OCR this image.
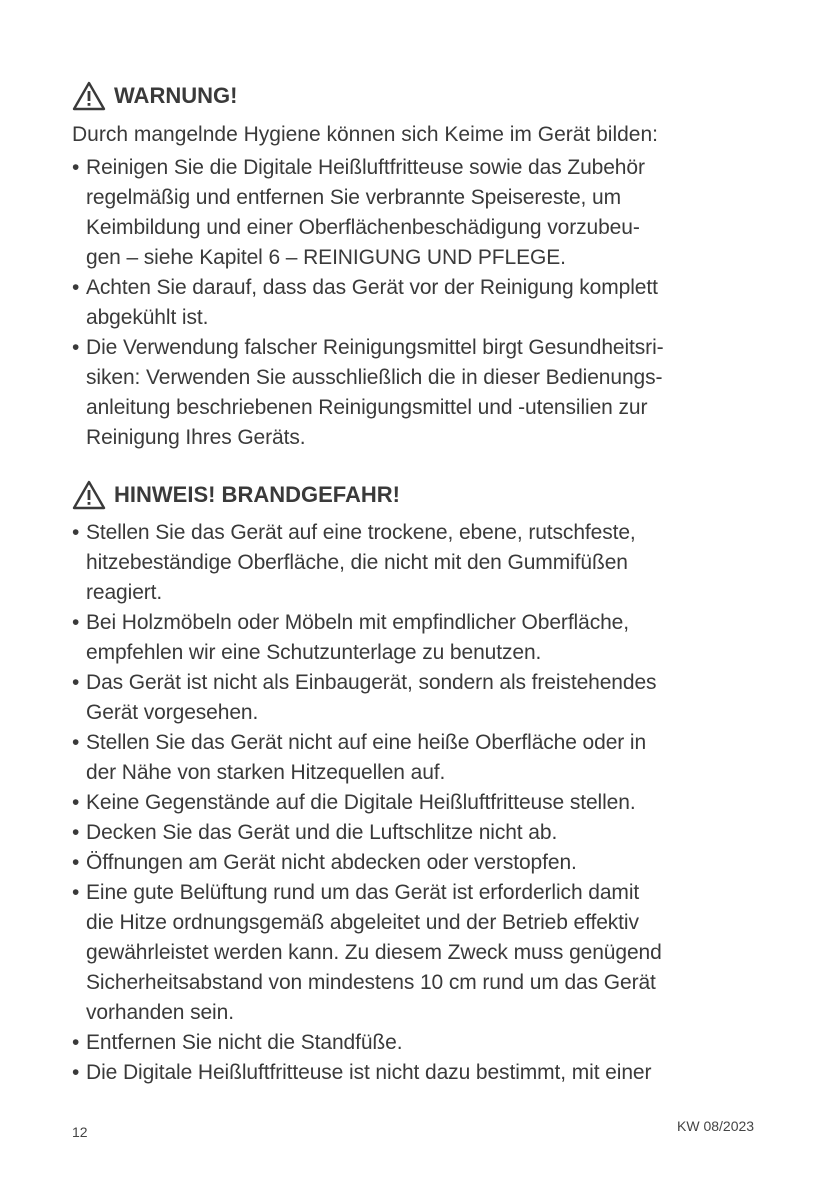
WARNUNG!

Durch mangelnde Hygiene können sich Keime im Gerät bilden:

• Reinigen Sie die Digitale Heißluftfritteuse sowie das Zubehör
regelmäßig und entfernen Sie verbrannte Speisereste, um
Keimbildung und einer Oberflächenbeschädigung vorzubeu-
gen – siehe Kapitel 6 – REINIGUNG UND PFLEGE.
• Achten Sie darauf, dass das Gerät vor der Reinigung komplett
abgekühlt ist.
• Die Verwendung falscher Reinigungsmittel birgt Gesundheitsri-
siken: Verwenden Sie ausschließlich die in dieser Bedienungs-
anleitung beschriebenen Reinigungsmittel und -utensilien zur
Reinigung Ihres Geräts.
HINWEIS! BRANDGEFAHR!
• Stellen Sie das Gerät auf eine trockene, ebene, rutschfeste,
hitzebeständige Oberfläche, die nicht mit den Gummifüßen
reagiert.
• Bei Holzmöbeln oder Möbeln mit empfindlicher Oberfläche,
empfehlen wir eine Schutzunterlage zu benutzen.
• Das Gerät ist nicht als Einbaugerät, sondern als freistehendes
Gerät vorgesehen.
• Stellen Sie das Gerät nicht auf eine heiße Oberfläche oder in
der Nähe von starken Hitzequellen auf.
• Keine Gegenstände auf die Digitale Heißluftfritteuse stellen.
• Decken Sie das Gerät und die Luftschlitze nicht ab.
• Öffnungen am Gerät nicht abdecken oder verstopfen.
• Eine gute Belüftung rund um das Gerät ist erforderlich damit
die Hitze ordnungsgemäß abgeleitet und der Betrieb effektiv
gewährleistet werden kann. Zu diesem Zweck muss genügend
Sicherheitsabstand von mindestens 10 cm rund um das Gerät
vorhanden sein.
• Entfernen Sie nicht die Standfüße.
• Die Digitale Heißluftfritteuse ist nicht dazu bestimmt, mit einer
12	KW 08/2023
